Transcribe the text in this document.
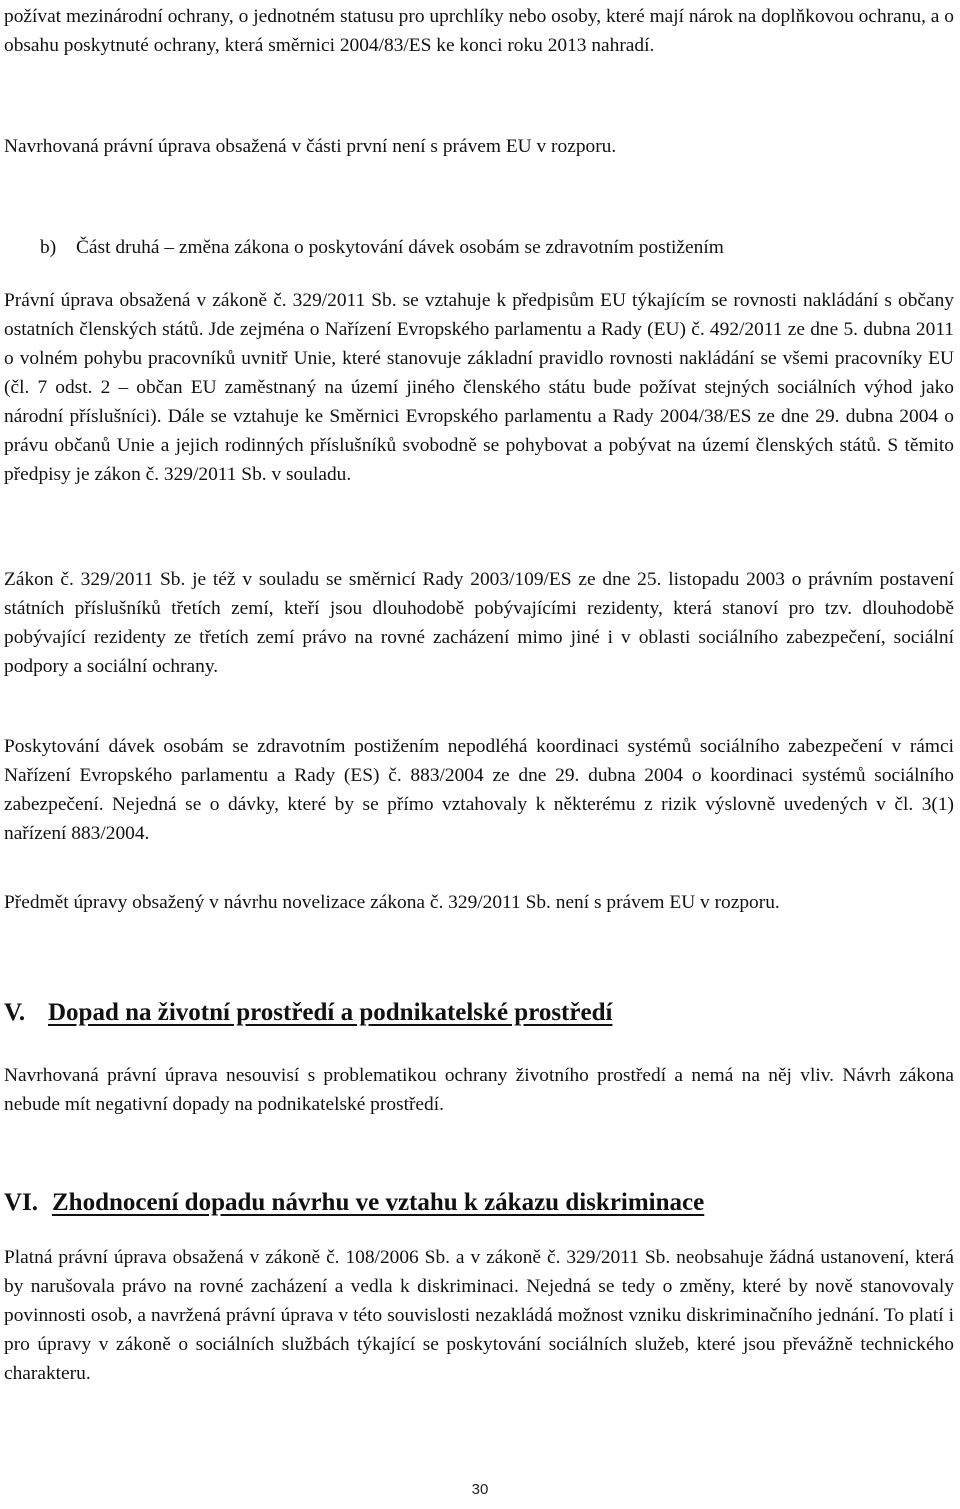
požívat mezinárodní ochrany, o jednotném statusu pro uprchlíky nebo osoby, které mají nárok na doplňkovou ochranu, a o obsahu poskytnuté ochrany, která směrnici 2004/83/ES ke konci roku 2013 nahradí.

Navrhovaná právní úprava obsažená v části první není s právem EU v rozporu.

b)	Část druhá – změna zákona o poskytování dávek osobám se zdravotním postižením

Právní úprava obsažená v zákoně č. 329/2011 Sb. se vztahuje k předpisům EU týkajícím se rovnosti nakládání s občany ostatních členských států. Jde zejména o Nařízení Evropského parlamentu a Rady (EU) č. 492/2011 ze dne 5. dubna 2011 o volném pohybu pracovníků uvnitř Unie, které stanovuje základní pravidlo rovnosti nakládání se všemi pracovníky EU (čl. 7 odst. 2 – občan EU zaměstnaný na území jiného členského státu bude požívat stejných sociálních výhod jako národní příslušníci). Dále se vztahuje ke Směrnici Evropského parlamentu a Rady 2004/38/ES ze dne 29. dubna 2004 o právu občanů Unie a jejich rodinných příslušníků svobodně se pohybovat a pobývat na území členských států. S těmito předpisy je zákon č. 329/2011 Sb. v souladu.

Zákon č. 329/2011 Sb. je též v souladu se směrnicí Rady 2003/109/ES ze dne 25. listopadu 2003 o právním postavení státních příslušníků třetích zemí, kteří jsou dlouhodobě pobývajícími rezidenty, která stanoví pro tzv. dlouhodobě pobývající rezidenty ze třetích zemí právo na rovné zacházení mimo jiné i v oblasti sociálního zabezpečení, sociální podpory a sociální ochrany.

Poskytování dávek osobám se zdravotním postižením nepodléhá koordinaci systémů sociálního zabezpečení v rámci Nařízení Evropského parlamentu a Rady (ES) č. 883/2004 ze dne 29. dubna 2004 o koordinaci systémů sociálního zabezpečení. Nejedná se o dávky, které by se přímo vztahovaly k některému z rizik výslovně uvedených v čl. 3(1) nařízení 883/2004.

Předmět úpravy obsažený v návrhu novelizace zákona č. 329/2011 Sb. není s právem EU v rozporu.

V. Dopad na životní prostředí a podnikatelské prostředí

Navrhovaná právní úprava nesouvisí s problematikou ochrany životního prostředí a nemá na něj vliv. Návrh zákona nebude mít negativní dopady na podnikatelské prostředí.

VI. Zhodnocení dopadu návrhu ve vztahu k zákazu diskriminace

Platná právní úprava obsažená v zákoně č. 108/2006 Sb. a v zákoně č. 329/2011 Sb. neobsahuje žádná ustanovení, která by narušovala právo na rovné zacházení a vedla k diskriminaci. Nejedná se tedy o změny, které by nově stanovovaly povinnosti osob, a navržená právní úprava v této souvislosti nezakládá možnost vzniku diskriminačního jednání. To platí i pro úpravy v zákoně o sociálních službách týkající se poskytování sociálních služeb, které jsou převážně technického charakteru.

30
